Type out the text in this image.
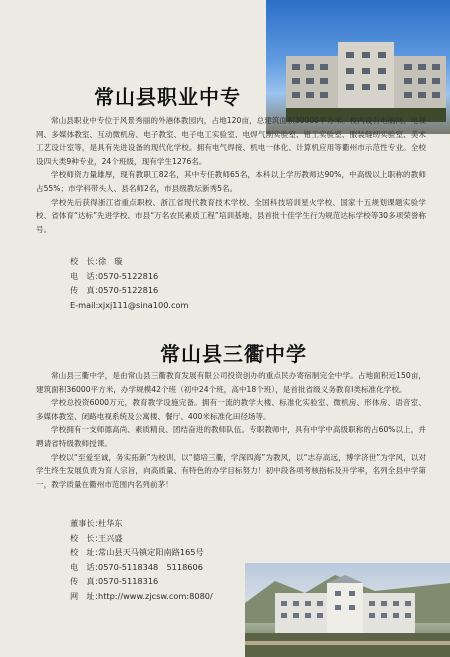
常山县职业中专

常山县职业中专位于风景秀丽的外港体教园内，占地120亩，总建筑面积30000平方米。校内设有电脑网、电视网、多媒体教室、互动微机房、电子教室、电子电工实验室、电焊气割实验室、钳工实验室、服装缝纫实验室、美术工艺设计室等，是具有先进设备的现代化学校。拥有电气焊接、机电一体化、计算机应用等衢州市示范性专业。全校设四大类9种专业，24个班级，现有学生1276名。

学校师资力量雄厚，现有教职工82名，其中专任教师65名，本科以上学历教师达90%，中高级以上职称的教师占55%；市学科带头人、县名师2名，市县级教坛新秀5名。

学校先后获得浙江省重点职校、浙江省现代教育技术学校、全国科技培训星火学校、国家十五规划课题实验学校、省体育“达标”先进学校、市县“万名农民素质工程”培训基地、县首批十佳学生行为规范达标学校等30多项荣誉称号。

校　长：徐　璇
电　话：0570-5122816
传　真：0570-5122816
E-mail:xjxj111@sina100.com
常山县三衢中学

常山县三衢中学，是由常山县三衢教育发展有限公司投资创办的重点民办寄宿制完全中学。占地面积近150亩，建筑面积36000平方米，办学规模42个班（初中24个班，高中18个班），是首批省级义务教育Ⅰ类标准化学校。

学校总投资6000万元，教育教学设施完备。拥有一流的教学大楼、标准化实验室、微机房、形体房、语音室、多媒体教室、闭路电视系统及公寓楼、餐厅、400米标准化田径场等。

学校拥有一支师德高尚、素质精良、团结奋进的教师队伍。专职教师中，具有中学中高级职称的占60%以上，并聘请省特级教师授课。

学校以“至爱至诚，务实拓新”为校训，以“德培三衢，学深四海”为教风，以“志存高远，博学济世”为学风，以对学生终生发展负责为育人宗旨，向高质量、有特色的办学目标努力！初中段各项考核指标及升学率，名列全县中学第一，教学质量在衢州市范围内名列前茅！

董事长：杜华东
校　长：王兴盛
校　址：常山县天马镇定阳南路165号
电　话：0570-5118348　5118606
传　真：0570-5118316
网　址：http://www.zjcsw.com:8080/
